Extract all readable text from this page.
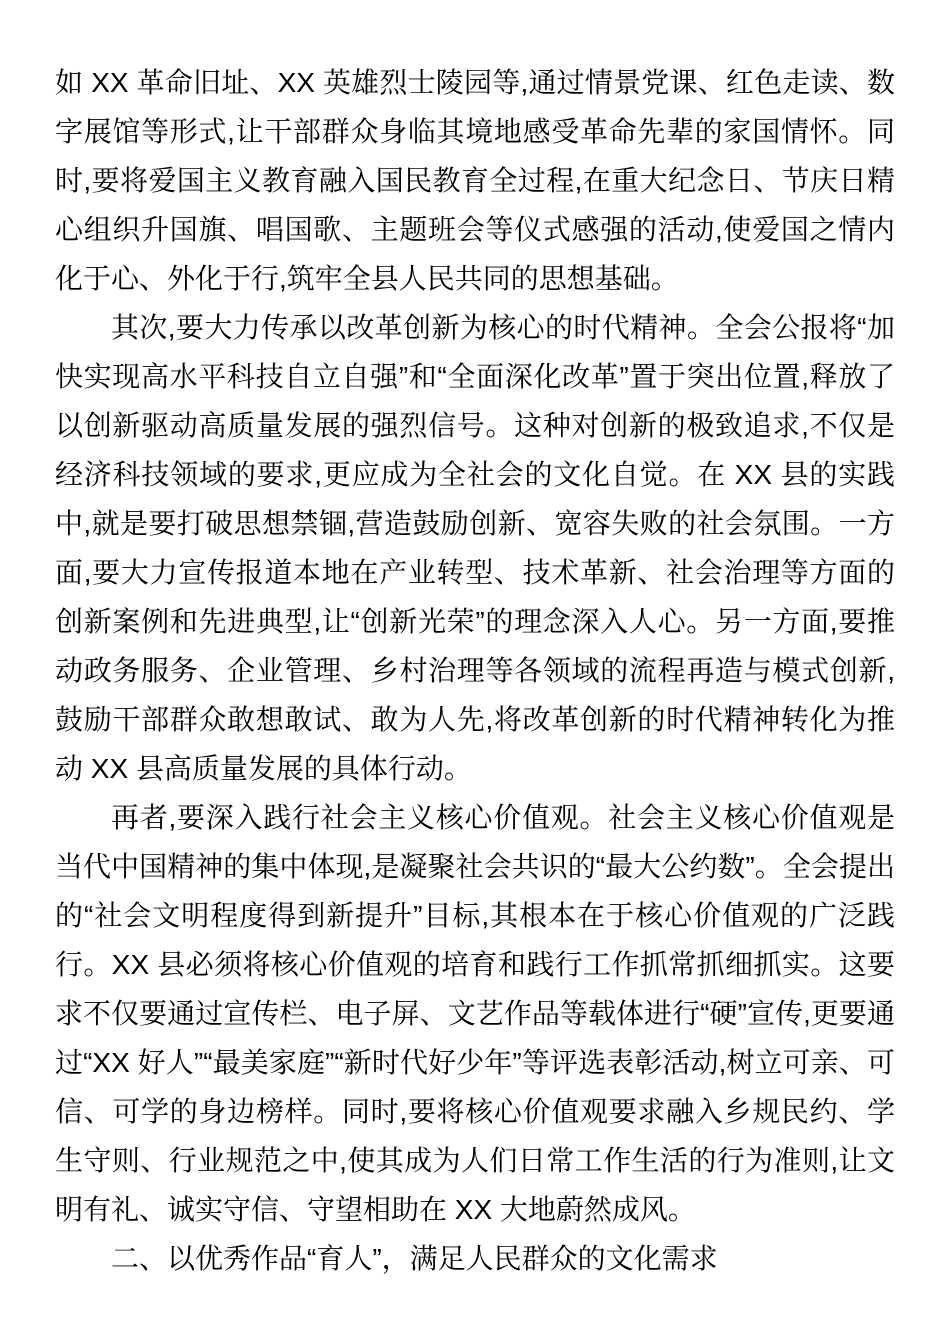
如 XX 革命旧址、XX 英雄烈士陵园等,通过情景党课、红色走读、数字展馆等形式,让干部群众身临其境地感受革命先辈的家国情怀。同时,要将爱国主义教育融入国民教育全过程,在重大纪念日、节庆日精心组织升国旗、唱国歌、主题班会等仪式感强的活动,使爱国之情内化于心、外化于行,筑牢全县人民共同的思想基础。

其次,要大力传承以改革创新为核心的时代精神。全会公报将“加快实现高水平科技自立自强”和“全面深化改革”置于突出位置,释放了以创新驱动高质量发展的强烈信号。这种对创新的极致追求,不仅是经济科技领域的要求,更应成为全社会的文化自觉。在 XX 县的实践中,就是要打破思想禁锢,营造鼓励创新、宽容失败的社会氛围。一方面,要大力宣传报道本地在产业转型、技术革新、社会治理等方面的创新案例和先进典型,让“创新光荣”的理念深入人心。另一方面,要推动政务服务、企业管理、乡村治理等各领域的流程再造与模式创新,鼓励干部群众敢想敢试、敢为人先,将改革创新的时代精神转化为推动 XX 县高质量发展的具体行动。

再者,要深入践行社会主义核心价值观。社会主义核心价值观是当代中国精神的集中体现,是凝聚社会共识的“最大公约数”。全会提出的“社会文明程度得到新提升”目标,其根本在于核心价值观的广泛践行。XX 县必须将核心价值观的培育和践行工作抓常抓细抓实。这要求不仅要通过宣传栏、电子屏、文艺作品等载体进行“硬”宣传,更要通过“XX 好人”“最美家庭”“新时代好少年”等评选表彰活动,树立可亲、可信、可学的身边榜样。同时,要将核心价值观要求融入乡规民约、学生守则、行业规范之中,使其成为人们日常工作生活的行为准则,让文明有礼、诚实守信、守望相助在 XX 大地蔚然成风。

二、以优秀作品“育人”，满足人民群众的文化需求
